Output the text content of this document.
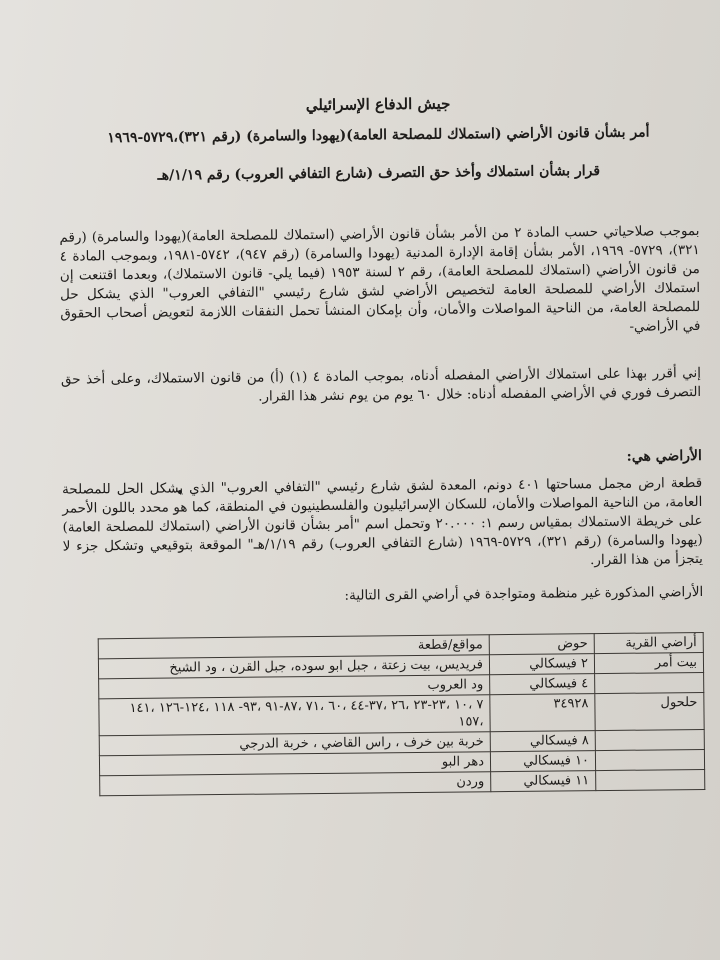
جيش الدفاع الإسرائيلي
أمر بشأن قانون الأراضي (استملاك للمصلحة العامة)(يهودا والسامرة) (رقم ٣٢١)،٥٧٢٩-١٩٦٩
قرار بشأن استملاك وأخذ حق التصرف (شارع التفافي العروب) رقم ١/١٩/هـ

بموجب صلاحياتي حسب المادة ٢ من الأمر بشأن قانون الأراضي (استملاك للمصلحة العامة)(يهودا والسامرة) (رقم ٣٢١)، ٥٧٢٩- ١٩٦٩، الأمر بشأن إقامة الإدارة المدنية (يهودا والسامرة) (رقم ٩٤٧)، ٥٧٤٢-١٩٨١، وبموجب المادة ٤ من قانون الأراضي (استملاك للمصلحة العامة)، رقم ٢ لسنة ١٩٥٣ (فيما يلي- قانون الاستملاك)، وبعدما اقتنعت إن استملاك الأراضي للمصلحة العامة لتخصيص الأراضي لشق شارع رئيسي "التفافي العروب" الذي يشكل حل للمصلحة العامة، من الناحية المواصلات والأمان، وأن بإمكان المنشأ تحمل النفقات اللازمة لتعويض أصحاب الحقوق في الأراضي-

إني أقرر بهذا على استملاك الأراضي المفصله أدناه، بموجب المادة ٤ (١) (أ) من قانون الاستملاك، وعلى أخذ حق التصرف فوري في الأراضي المفصله أدناه: خلال ٦٠ يوم من يوم نشر هذا القرار.

الأراضي هي:

قطعة ارض مجمل مساحتها ٤٠١ دونم، المعدة لشق شارع رئيسي "التفافي العروب" الذي يشكل الحل للمصلحة العامة، من الناحية المواصلات والأمان، للسكان الإسرائيليون والفلسطينيون في المنطقة، كما هو محدد باللون الأحمر على خريطة الاستملاك بمقياس رسم ١: ٢٠.٠٠٠ وتحمل اسم "أمر بشأن قانون الأراضي (استملاك للمصلحة العامة)(يهودا والسامرة) (رقم ٣٢١)، ٥٧٢٩-١٩٦٩ (شارع التفافي العروب) رقم ١/١٩/هـ" الموقعة بتوقيعي وتشكل جزء لا يتجزأ من هذا القرار.

الأراضي المذكورة غير منظمة ومتواجدة في أراضي القرى التالية:

أراضي القرية	حوض	مواقع/قطعة
بيت أمر	٢ فيسكالي	فريديس، بيت زعتة ، جبل ابو سوده، جبل القرن ، ود الشيخ
	٤ فيسكالي	ود العروب
حلحول	٣٤٩٢٨	٧ ،١٠ ،٢٣-٢٣ ،٢٦ ،٣٧-٤٤ ،٦٠ ،٧١ ،٨٧-٩١ ،٩٣- ١١٨ ،١٢٤-١٢٦ ،١٤١ ،١٥٧
	٨ فيسكالي	خربة بين خرف ، راس القاضي ، خربة الدرجي
	١٠ فيسكالي	دهر البو
	١١ فيسكالي	وردن
